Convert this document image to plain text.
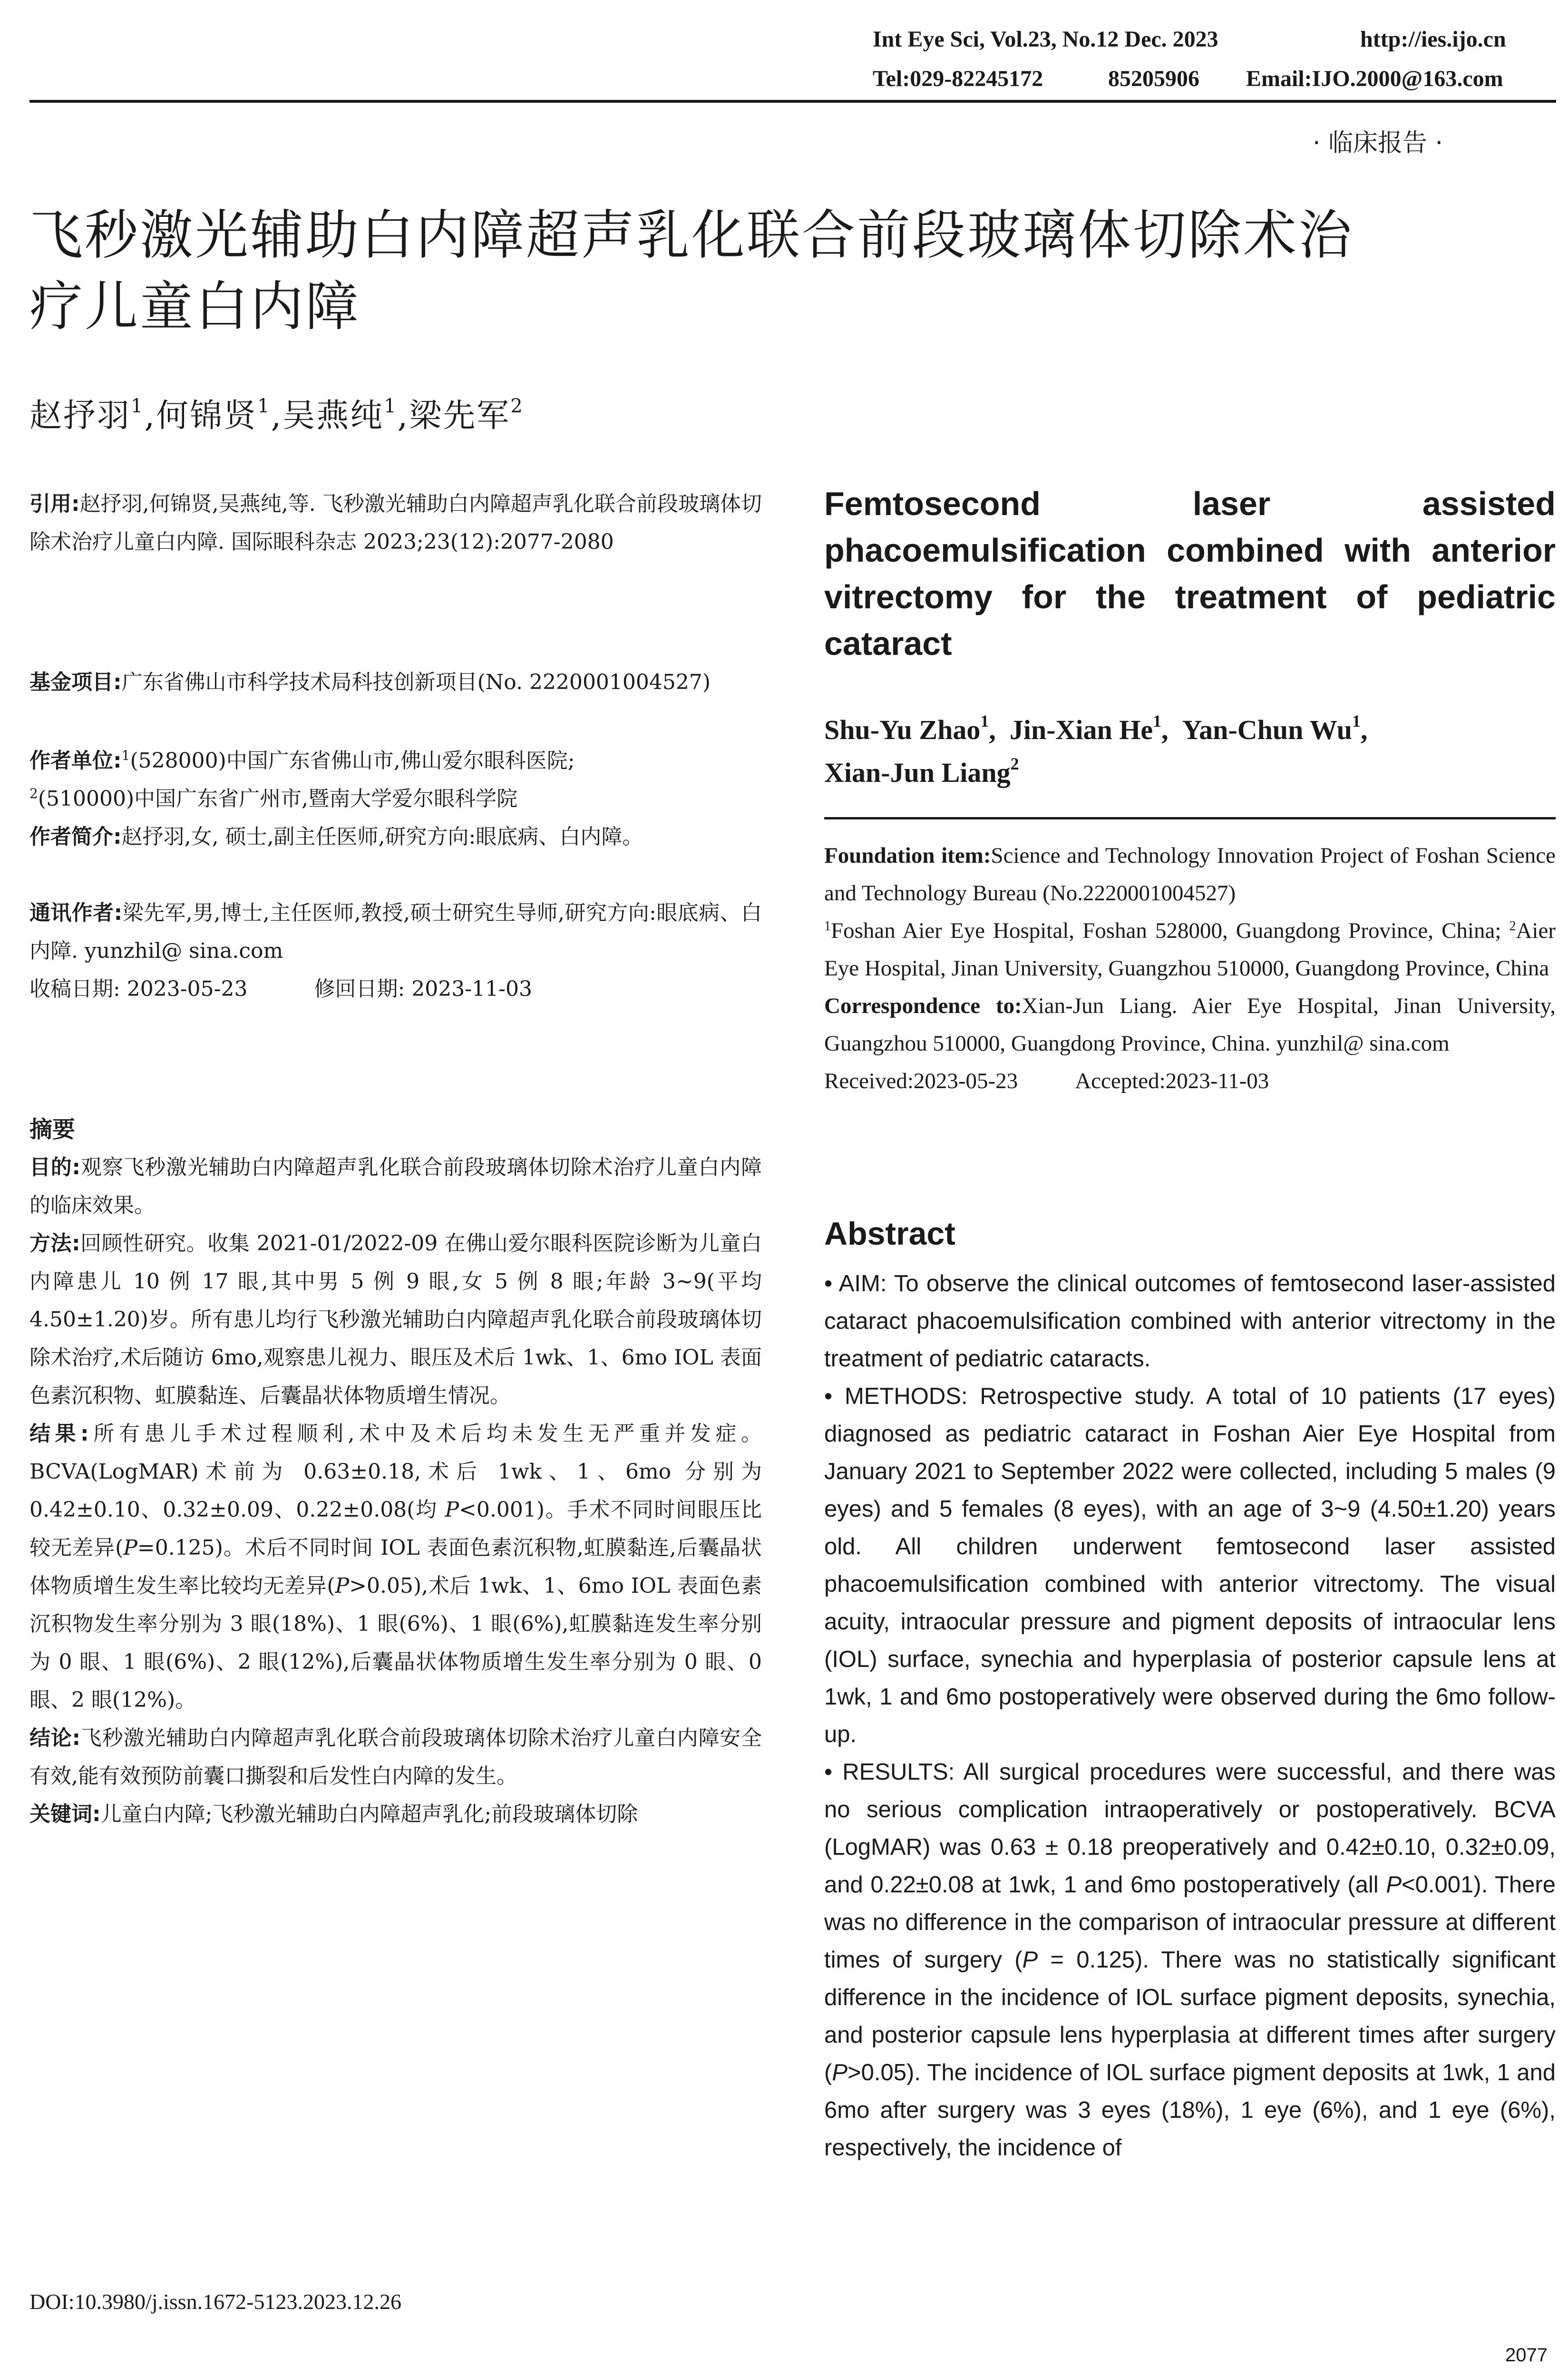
Int Eye Sci, Vol.23, No.12 Dec. 2023	http://ies.ijo.cn
Tel:029-82245172	85205906 Email:IJO.2000@163.com
· 临床报告 ·
飞秒激光辅助白内障超声乳化联合前段玻璃体切除术治
疗儿童白内障
赵抒羽$^1$,何锦贤$^1$,吴燕纯$^1$,梁先军$^2$
引用:赵抒羽,何锦贤,吴燕纯,等. 飞秒激光辅助白内障超声乳化联合前段玻璃体切除术治疗儿童白内障. 国际眼科杂志 2023;23(12):2077-2080
基金项目:广东省佛山市科学技术局科技创新项目(No. 2220001004527)
作者单位:$^1$(528000)中国广东省佛山市,佛山爱尔眼科医院;
$^2$(510000)中国广东省广州市,暨南大学爱尔眼科学院
作者简介:赵抒羽,女, 硕士,副主任医师,研究方向:眼底病、白内障。
通讯作者:梁先军,男,博士,主任医师,教授,硕士研究生导师,研究方向:眼底病、白内障. yunzhil@ sina.com
收稿日期: 2023-05-23	修回日期: 2023-11-03
摘要

目的:观察飞秒激光辅助白内障超声乳化联合前段玻璃体切除术治疗儿童白内障的临床效果。

方法:回顾性研究。收集 2021-01/2022-09 在佛山爱尔眼科医院诊断为儿童白内障患儿 10 例 17 眼,其中男 5 例 9 眼,女 5 例 8 眼;年龄 3~9(平均 4.50±1.20)岁。所有患儿均行飞秒激光辅助白内障超声乳化联合前段玻璃体切除术治疗,术后随访 6mo,观察患儿视力、眼压及术后 1wk、1、6mo IOL 表面色素沉积物、虹膜黏连、后囊晶状体物质增生情况。

结果:所有患儿手术过程顺利,术中及术后均未发生无严重并发症。BCVA(LogMAR)术前为 0.63±0.18,术后 1wk、1、6mo 分别为 0.42±0.10、0.32±0.09、0.22±0.08(均 P<0.001)。手术不同时间眼压比较无差异(P=0.125)。术后不同时间 IOL 表面色素沉积物,虹膜黏连,后囊晶状体物质增生发生率比较均无差异(P>0.05),术后 1wk、1、6mo IOL 表面色素沉积物发生率分别为 3 眼(18%)、1 眼(6%)、1 眼(6%),虹膜黏连发生率分别为 0 眼、1 眼(6%)、2 眼(12%),后囊晶状体物质增生发生率分别为 0 眼、0 眼、2 眼(12%)。

结论:飞秒激光辅助白内障超声乳化联合前段玻璃体切除术治疗儿童白内障安全有效,能有效预防前囊口撕裂和后发性白内障的发生。

关键词:儿童白内障;飞秒激光辅助白内障超声乳化;前段玻璃体切除

DOI:10.3980/j.issn.1672-5123.2023.12.26
Femtosecond laser assisted phacoemulsification combined with anterior vitrectomy for the treatment of pediatric cataract
Shu-Yu Zhao$^1$,  Jin-Xian He$^1$,  Yan-Chun Wu$^1$,
Xian-Jun Liang$^2$
Foundation item:Science and Technology Innovation Project of Foshan Science and Technology Bureau (No.2220001004527)
$^1$Foshan Aier Eye Hospital, Foshan 528000, Guangdong Province, China; $^2$Aier Eye Hospital, Jinan University, Guangzhou 510000, Guangdong Province, China
Correspondence to:Xian-Jun Liang. Aier Eye Hospital, Jinan University, Guangzhou 510000, Guangdong Province, China. yunzhil@ sina.com
Received:2023-05-23	Accepted:2023-11-03
Abstract

• AIM: To observe the clinical outcomes of femtosecond laser-assisted cataract phacoemulsification combined with anterior vitrectomy in the treatment of pediatric cataracts.

• METHODS: Retrospective study. A total of 10 patients (17 eyes) diagnosed as pediatric cataract in Foshan Aier Eye Hospital from January 2021 to September 2022 were collected, including 5 males (9 eyes) and 5 females (8 eyes), with an age of 3~9 (4.50±1.20) years old. All children underwent femtosecond laser assisted phacoemulsification combined with anterior vitrectomy. The visual acuity, intraocular pressure and pigment deposits of intraocular lens (IOL) surface, synechia and hyperplasia of posterior capsule lens at 1wk, 1 and 6mo postoperatively were observed during the 6mo follow-up.

• RESULTS: All surgical procedures were successful, and there was no serious complication intraoperatively or postoperatively. BCVA (LogMAR) was 0.63 ± 0.18 preoperatively and 0.42±0.10, 0.32±0.09, and 0.22±0.08 at 1wk, 1 and 6mo postoperatively (all P<0.001). There was no difference in the comparison of intraocular pressure at different times of surgery (P = 0.125). There was no statistically significant difference in the incidence of IOL surface pigment deposits, synechia, and posterior capsule lens hyperplasia at different times after surgery (P>0.05). The incidence of IOL surface pigment deposits at 1wk, 1 and 6mo after surgery was 3 eyes (18%), 1 eye (6%), and 1 eye (6%), respectively, the incidence of

2077
